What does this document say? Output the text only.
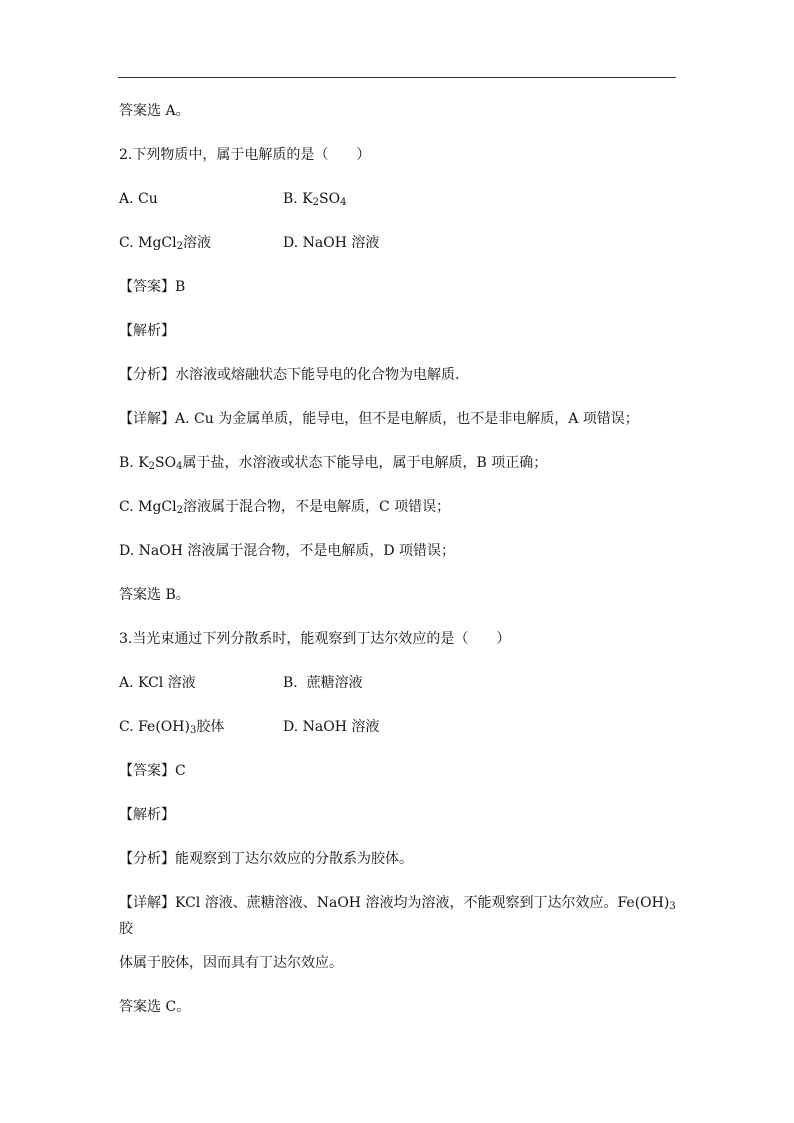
答案选 A。

2.下列物质中，属于电解质的是（　　）

A. Cu	B. $K_2SO_4$
C. MgCl$_2$溶液	D. NaOH 溶液

【答案】B

【解析】

【分析】水溶液或熔融状态下能导电的化合物为电解质.

【详解】A. Cu 为金属单质，能导电，但不是电解质，也不是非电解质，A 项错误；

B. $K_2SO_4$属于盐，水溶液或状态下能导电，属于电解质，B 项正确；

C. MgCl$_2$溶液属于混合物，不是电解质，C 项错误；

D. NaOH 溶液属于混合物，不是电解质，D 项错误；

答案选 B。

3.当光束通过下列分散系时，能观察到丁达尔效应的是（　　）

A. KCl 溶液	B.  蔗糖溶液
C. $Fe(OH)_3$胶体	D. NaOH 溶液

【答案】C

【解析】

【分析】能观察到丁达尔效应的分散系为胶体。

【详解】KCl 溶液、蔗糖溶液、NaOH 溶液均为溶液，不能观察到丁达尔效应。$Fe(OH)_3$胶

体属于胶体，因而具有丁达尔效应。

答案选 C。
